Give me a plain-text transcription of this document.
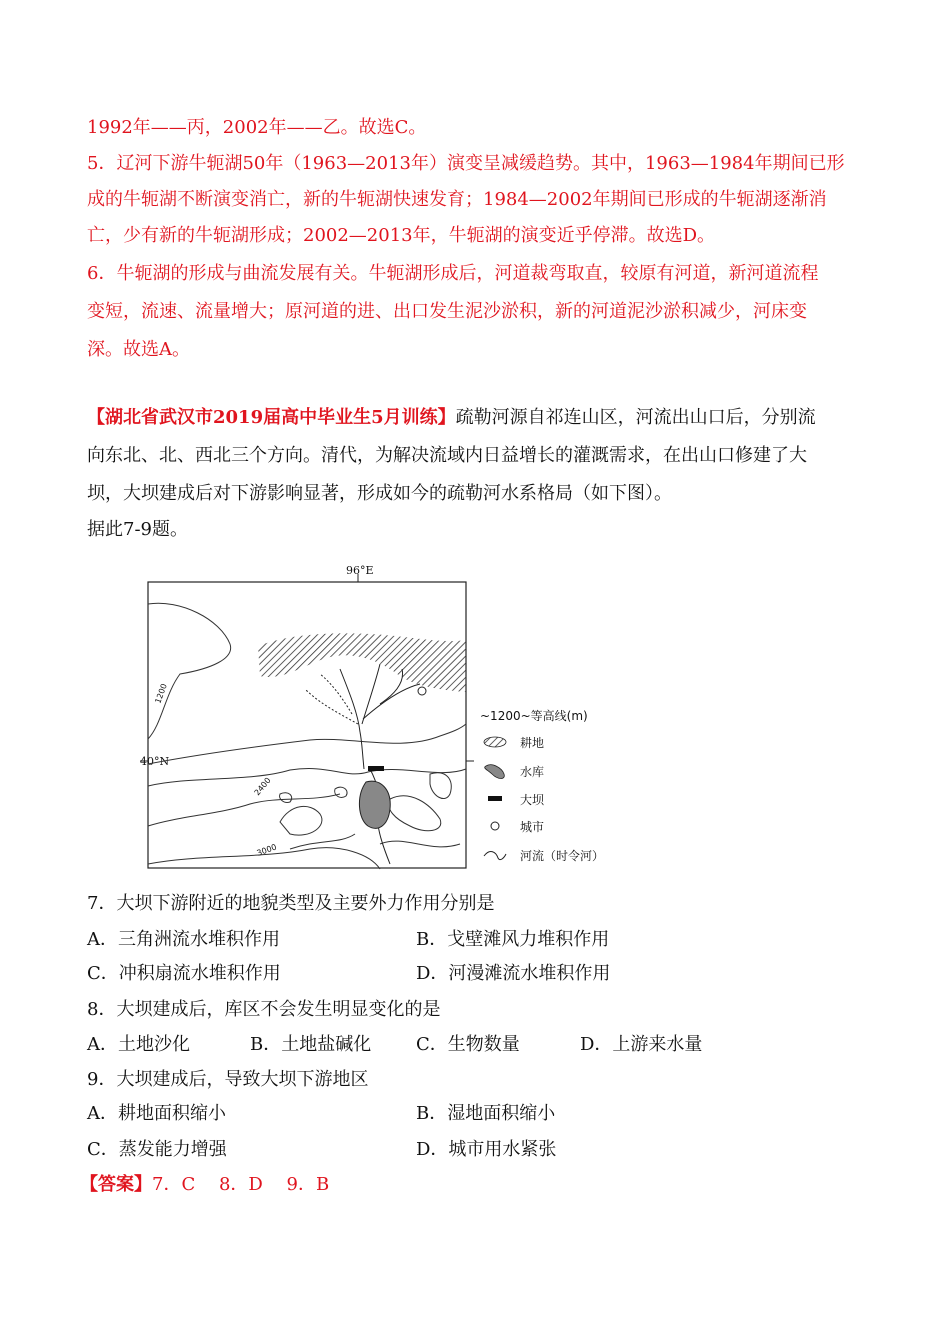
1992年——丙，2002年——乙。故选C。
5．辽河下游牛轭湖50年（1963—2013年）演变呈减缓趋势。其中，1963—1984年期间已形
成的牛轭湖不断演变消亡，新的牛轭湖快速发育；1984—2002年期间已形成的牛轭湖逐渐消
亡，少有新的牛轭湖形成；2002—2013年，牛轭湖的演变近乎停滞。故选D。
6．牛轭湖的形成与曲流发展有关。牛轭湖形成后，河道裁弯取直，较原有河道，新河道流程
变短，流速、流量增大；原河道的进、出口发生泥沙淤积，新的河道泥沙淤积减少，河床变
深。故选A。
【湖北省武汉市2019届高中毕业生5月训练】疏勒河源自祁连山区，河流出山口后，分别流
向东北、北、西北三个方向。清代，为解决流域内日益增长的灌溉需求，在出山口修建了大
坝，大坝建成后对下游影响显著，形成如今的疏勒河水系格局（如下图）。
据此7-9题。
96°E
40°N
1200
2400
3000
~1200~等高线(m)
耕地
水库
大坝
城市
河流（时令河）
7．大坝下游附近的地貌类型及主要外力作用分别是
A．三角洲流水堆积作用	B．戈壁滩风力堆积作用
C．冲积扇流水堆积作用	D．河漫滩流水堆积作用
8．大坝建成后，库区不会发生明显变化的是
A．土地沙化	B．土地盐碱化 C．生物数量	D．上游来水量
9．大坝建成后，导致大坝下游地区
A．耕地面积缩小	B．湿地面积缩小
C．蒸发能力增强	D．城市用水紧张
【答案】7．C　 8．D　 9．B
